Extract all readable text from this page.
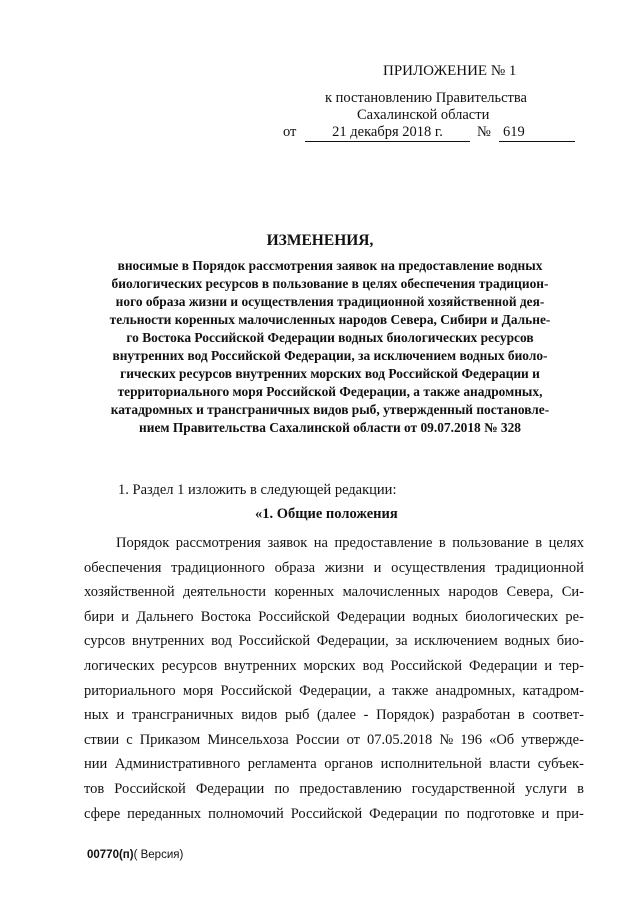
ПРИЛОЖЕНИЕ № 1
к постановлению Правительства
Сахалинской области
от	21 декабря 2018 г.	№ 619
ИЗМЕНЕНИЯ,
вносимые в Порядок рассмотрения заявок на предоставление водных
биологических ресурсов в пользование в целях обеспечения традицион-
ного образа жизни и осуществления традиционной хозяйственной дея-
тельности коренных малочисленных народов Севера, Сибири и Дальне-
го Востока Российской Федерации водных биологических ресурсов
внутренних вод Российской Федерации, за исключением водных биоло-
гических ресурсов внутренних морских вод Российской Федерации и
территориального моря Российской Федерации, а также анадромных,
катадромных и трансграничных видов рыб, утвержденный постановле-
нием Правительства Сахалинской области от 09.07.2018 № 328
1. Раздел 1 изложить в следующей редакции:
«1. Общие положения
Порядок рассмотрения заявок на предоставление в пользование в целях
обеспечения традиционного образа жизни и осуществления традиционной
хозяйственной деятельности коренных малочисленных народов Севера, Си-
бири и Дальнего Востока Российской Федерации водных биологических ре-
сурсов внутренних вод Российской Федерации, за исключением водных био-
логических ресурсов внутренних морских вод Российской Федерации и тер-
риториального моря Российской Федерации, а также анадромных, катадром-
ных и трансграничных видов рыб (далее - Порядок) разработан в соответ-
ствии с Приказом Минсельхоза России от 07.05.2018 № 196 «Об утвержде-
нии Административного регламента органов исполнительной власти субъек-
тов Российской Федерации по предоставлению государственной услуги в
сфере переданных полномочий Российской Федерации по подготовке и при-
00770(п)( Версия)
